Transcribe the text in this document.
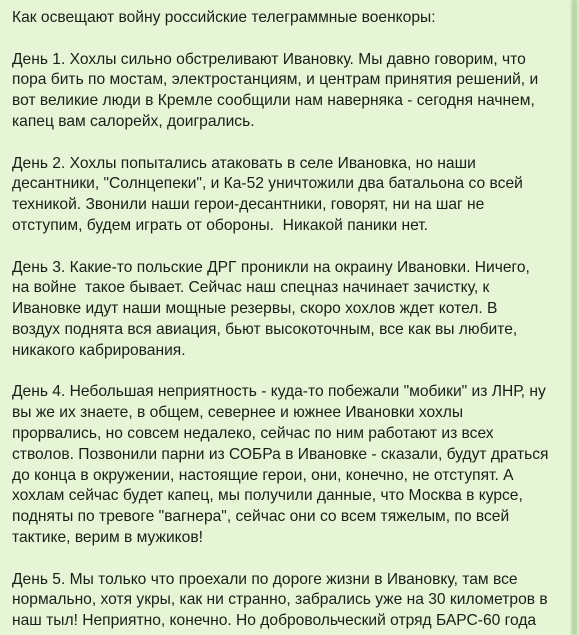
Как освещают войну российские телеграммные военкоры:

День 1. Хохлы сильно обстреливают Ивановку. Мы давно говорим, что
пора бить по мостам, электростанциям, и центрам принятия решений, и
вот великие люди в Кремле сообщили нам наверняка - сегодня начнем,
капец вам салорейх, доигрались.

День 2. Хохлы попытались атаковать в селе Ивановка, но наши
десантники, "Солнцепеки", и Ка-52 уничтожили два батальона со всей
техникой. Звонили наши герои-десантники, говорят, ни на шаг не
отступим, будем играть от обороны.  Никакой паники нет.

День 3. Какие-то польские ДРГ проникли на окраину Ивановки. Ничего,
на войне  такое бывает. Сейчас наш спецназ начинает зачистку, к
Ивановке идут наши мощные резервы, скоро хохлов ждет котел. В
воздух поднята вся авиация, бьют высокоточным, все как вы любите,
никакого кабрирования.

День 4. Небольшая неприятность - куда-то побежали "мобики" из ЛНР, ну
вы же их знаете, в общем, севернее и южнее Ивановки хохлы
прорвались, но совсем недалеко, сейчас по ним работают из всех
стволов. Позвонили парни из СОБРа в Ивановке - сказали, будут драться
до конца в окружении, настоящие герои, они, конечно, не отступят. А
хохлам сейчас будет капец, мы получили данные, что Москва в курсе,
подняты по тревоге "вагнера", сейчас они со всем тяжелым, по всей
тактике, верим в мужиков!

День 5. Мы только что проехали по дороге жизни в Ивановку, там все
нормально, хотя укры, как ни странно, забрались уже на 30 километров в
наш тыл! Неприятно, конечно. Но добровольческий отряд БАРС-60 года
